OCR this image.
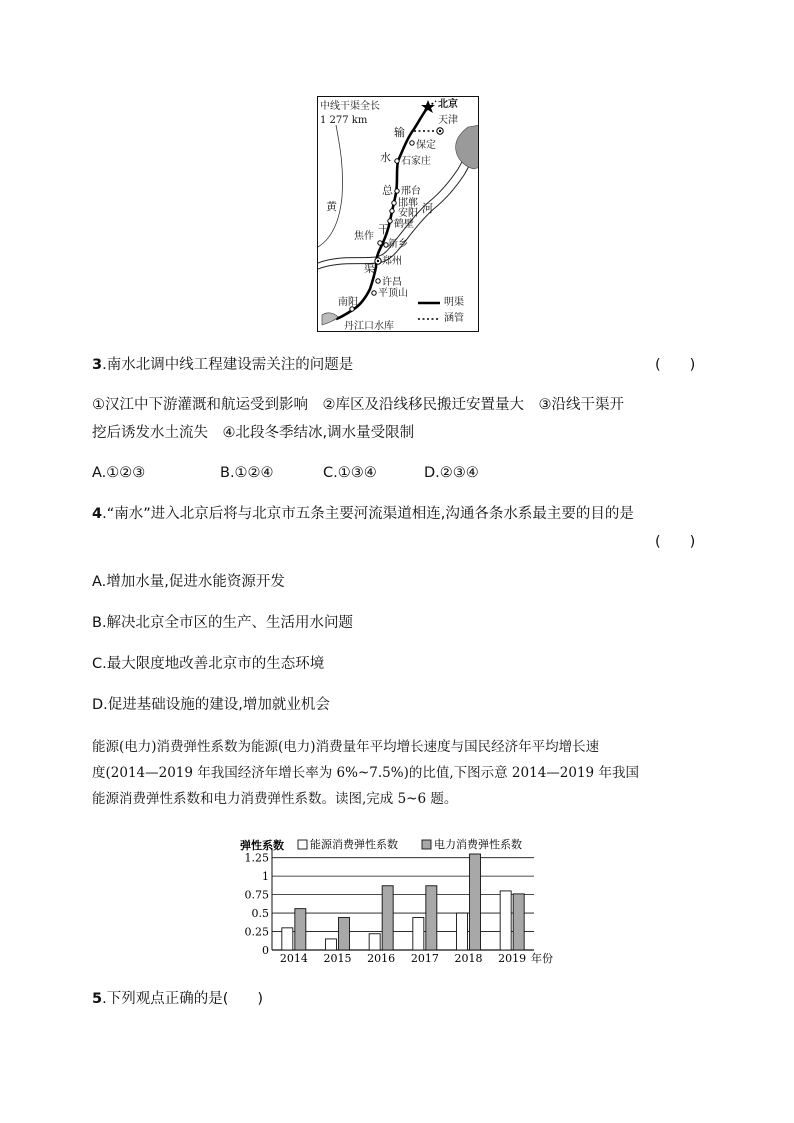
中线干渠全长
1 277 km
北京
天津
保定
石家庄
邢台
邯郸
安阳
鹤壁
焦作
新乡
郑州
许昌
平顶山
南阳
丹江口水库
输
水
总
干
渠
黄	河
明渠
涵管
3.南水北调中线工程建设需关注的问题是	(　　)
①汉江中下游灌溉和航运受到影响　②库区及沿线移民搬迁安置量大　③沿线干渠开
挖后诱发水土流失　④北段冬季结冰,调水量受限制
A.①②③	B.①②④	C.①③④	D.②③④
4.“南水”进入北京后将与北京市五条主要河流渠道相连,沟通各条水系最主要的目的是
(　　)
A.增加水量,促进水能资源开发
B.解决北京全市区的生产、生活用水问题
C.最大限度地改善北京市的生态环境
D.促进基础设施的建设,增加就业机会
能源(电力)消费弹性系数为能源(电力)消费量年平均增长速度与国民经济年平均增长速
度(2014—2019 年我国经济年增长率为 6%~7.5%)的比值,下图示意 2014—2019 年我国
能源消费弹性系数和电力消费弹性系数。读图,完成 5~6 题。
弹性系数 能源消费弹性系数	电力消费弹性系数
0
0.25
0.5
0.75
1
1.25
2014 2015 2016 2017 2018 2019 年份
5.下列观点正确的是(　　)
